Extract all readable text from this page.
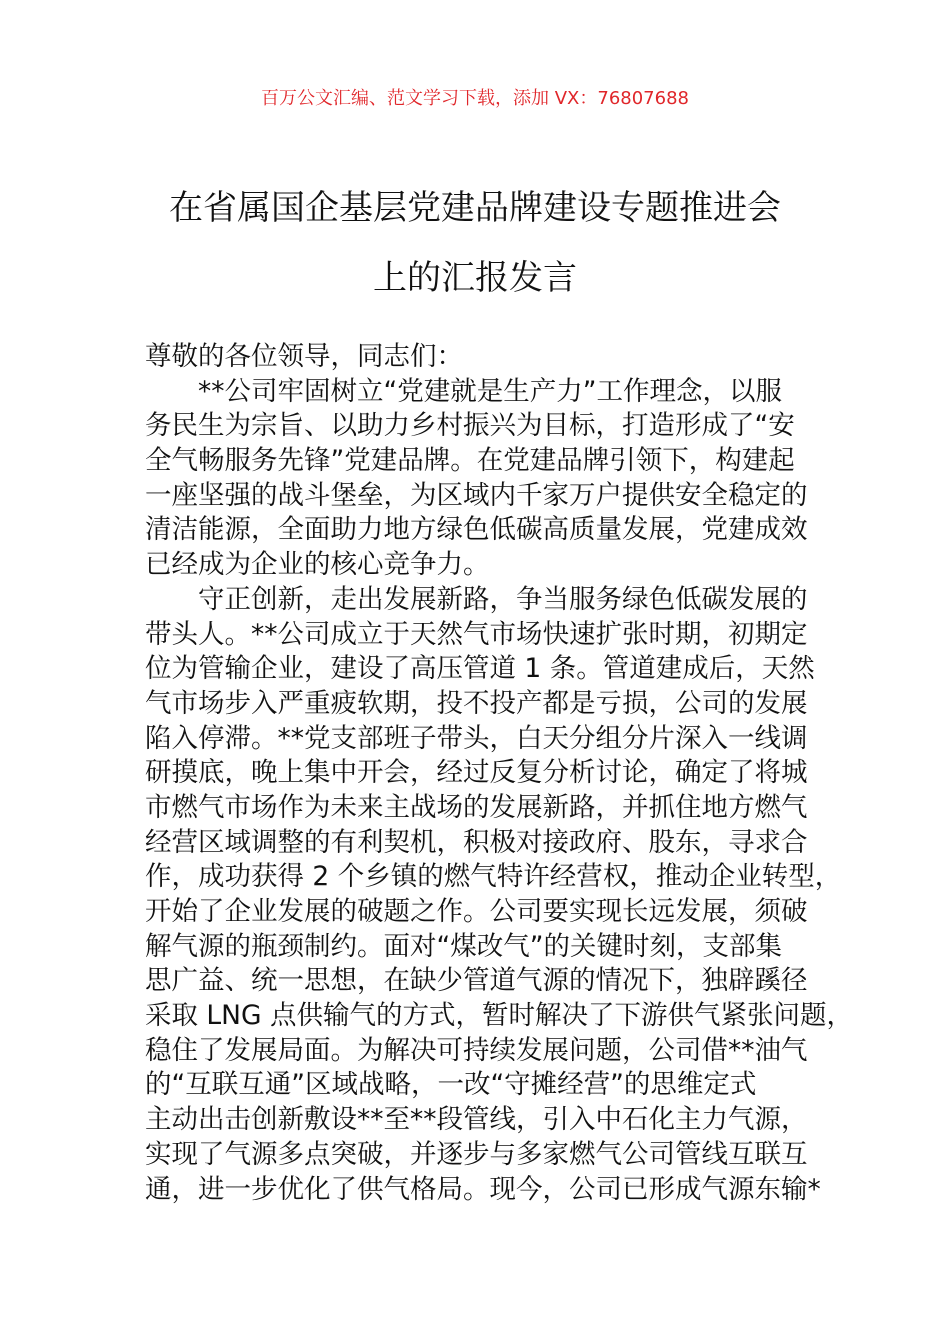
百万公文汇编、范文学习下载，添加 VX：76807688
在省属国企基层党建品牌建设专题推进会
上的汇报发言
尊敬的各位领导，同志们：
**公司牢固树立“党建就是生产力”工作理念，以服
务民生为宗旨、以助力乡村振兴为目标，打造形成了“安
全气畅服务先锋”党建品牌。在党建品牌引领下，构建起
一座坚强的战斗堡垒，为区域内千家万户提供安全稳定的
清洁能源，全面助力地方绿色低碳高质量发展，党建成效
已经成为企业的核心竞争力。
守正创新，走出发展新路，争当服务绿色低碳发展的
带头人。**公司成立于天然气市场快速扩张时期，初期定
位为管输企业，建设了高压管道 1 条。管道建成后，天然
气市场步入严重疲软期，投不投产都是亏损，公司的发展
陷入停滞。**党支部班子带头，白天分组分片深入一线调
研摸底，晚上集中开会，经过反复分析讨论，确定了将城
市燃气市场作为未来主战场的发展新路，并抓住地方燃气
经营区域调整的有利契机，积极对接政府、股东，寻求合
作，成功获得 2 个乡镇的燃气特许经营权，推动企业转型，
开始了企业发展的破题之作。公司要实现长远发展，须破
解气源的瓶颈制约。面对“煤改气”的关键时刻，支部集
思广益、统一思想，在缺少管道气源的情况下，独辟蹊径
采取 LNG 点供输气的方式，暂时解决了下游供气紧张问题，
稳住了发展局面。为解决可持续发展问题，公司借**油气
的“互联互通”区域战略，一改“守摊经营”的思维定式
主动出击创新敷设**至**段管线，引入中石化主力气源，
实现了气源多点突破，并逐步与多家燃气公司管线互联互
通，进一步优化了供气格局。现今，公司已形成气源东输*
